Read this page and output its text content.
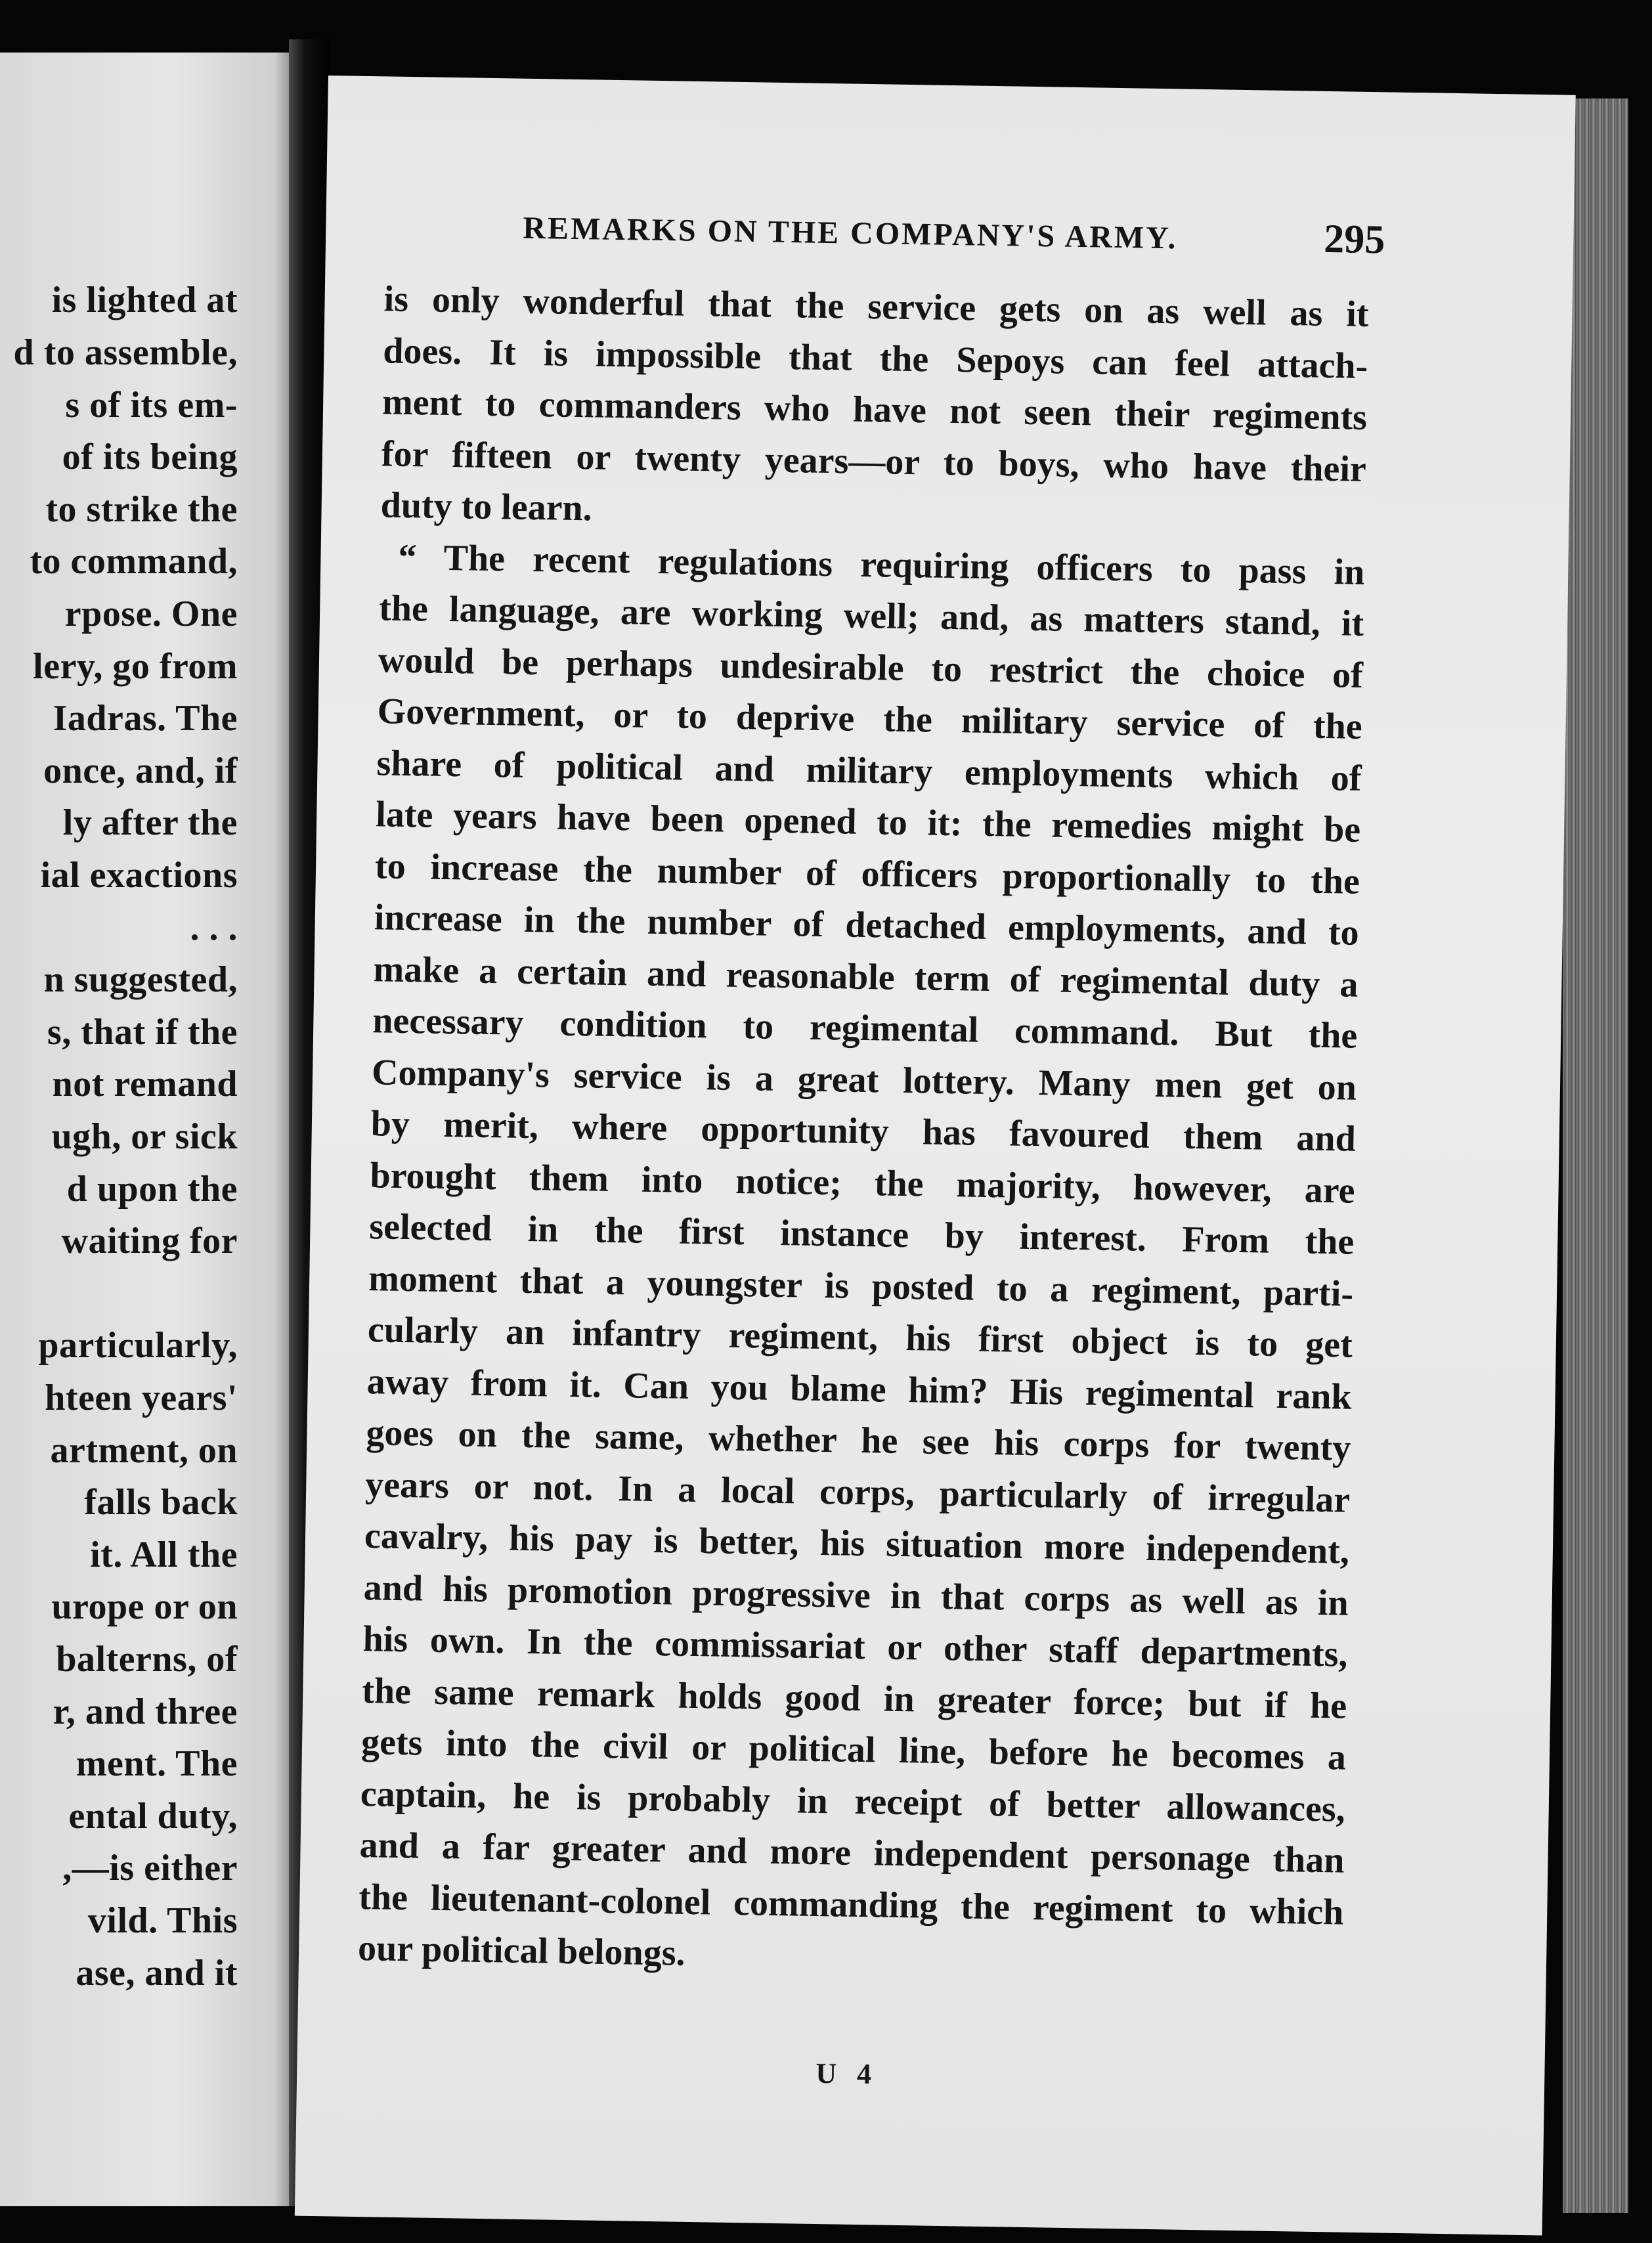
is lighted at
d to assemble,
s of its em-
of its being
to strike the
to command,
rpose. One
lery, go from
Iadras. The
once, and, if
ly after the
ial exactions
. . .
n suggested,
s, that if the
not remand
ugh, or sick
d upon the
waiting for
particularly,
hteen years'
artment, on
falls back
it. All the
urope or on
balterns, of
r, and three
ment. The
ental duty,
,—is either
vild. This
ase, and it
REMARKS ON THE COMPANY'S ARMY.	295
is only wonderful that the service gets on as well as it
does. It is impossible that the Sepoys can feel attach-
ment to commanders who have not seen their regiments
for fifteen or twenty years—or to boys, who have their
duty to learn.
“ The recent regulations requiring officers to pass in
the language, are working well; and, as matters stand, it
would be perhaps undesirable to restrict the choice of
Government, or to deprive the military service of the
share of political and military employments which of
late years have been opened to it: the remedies might be
to increase the number of officers proportionally to the
increase in the number of detached employments, and to
make a certain and reasonable term of regimental duty a
necessary condition to regimental command. But the
Company's service is a great lottery. Many men get on
by merit, where opportunity has favoured them and
brought them into notice; the majority, however, are
selected in the first instance by interest. From the
moment that a youngster is posted to a regiment, parti-
cularly an infantry regiment, his first object is to get
away from it. Can you blame him? His regimental rank
goes on the same, whether he see his corps for twenty
years or not. In a local corps, particularly of irregular
cavalry, his pay is better, his situation more independent,
and his promotion progressive in that corps as well as in
his own. In the commissariat or other staff departments,
the same remark holds good in greater force; but if he
gets into the civil or political line, before he becomes a
captain, he is probably in receipt of better allowances,
and a far greater and more independent personage than
the lieutenant-colonel commanding the regiment to which
our political belongs.
U 4
